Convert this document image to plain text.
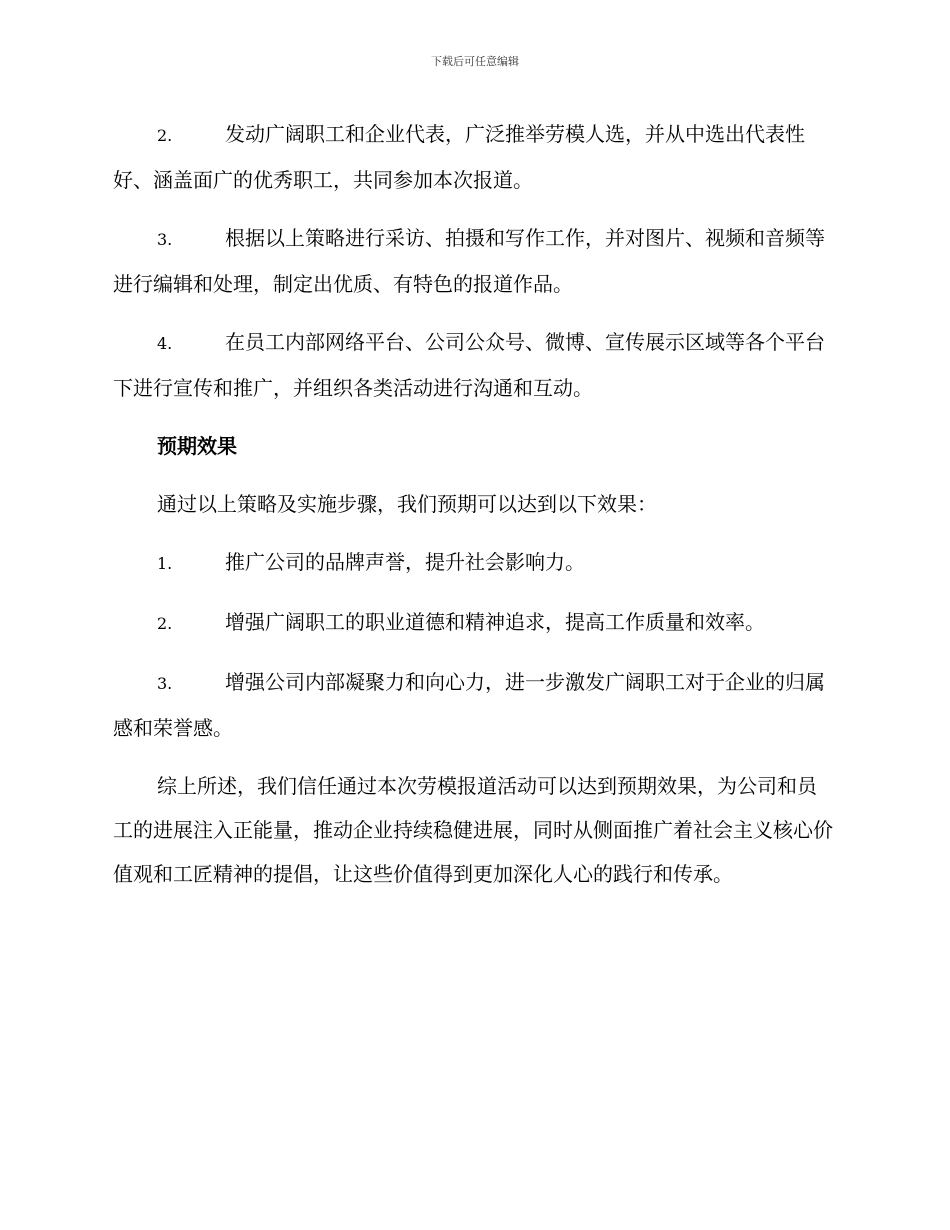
下载后可任意编辑

2.	发动广阔职工和企业代表，广泛推举劳模人选，并从中选出代表性好、涵盖面广的优秀职工，共同参加本次报道。

3.	根据以上策略进行采访、拍摄和写作工作，并对图片、视频和音频等进行编辑和处理，制定出优质、有特色的报道作品。

4.	在员工内部网络平台、公司公众号、微博、宣传展示区域等各个平台下进行宣传和推广，并组织各类活动进行沟通和互动。

预期效果

通过以上策略及实施步骤，我们预期可以达到以下效果：

1.	推广公司的品牌声誉，提升社会影响力。

2.	增强广阔职工的职业道德和精神追求，提高工作质量和效率。

3.	增强公司内部凝聚力和向心力，进一步激发广阔职工对于企业的归属感和荣誉感。

综上所述，我们信任通过本次劳模报道活动可以达到预期效果，为公司和员工的进展注入正能量，推动企业持续稳健进展，同时从侧面推广着社会主义核心价值观和工匠精神的提倡，让这些价值得到更加深化人心的践行和传承。
